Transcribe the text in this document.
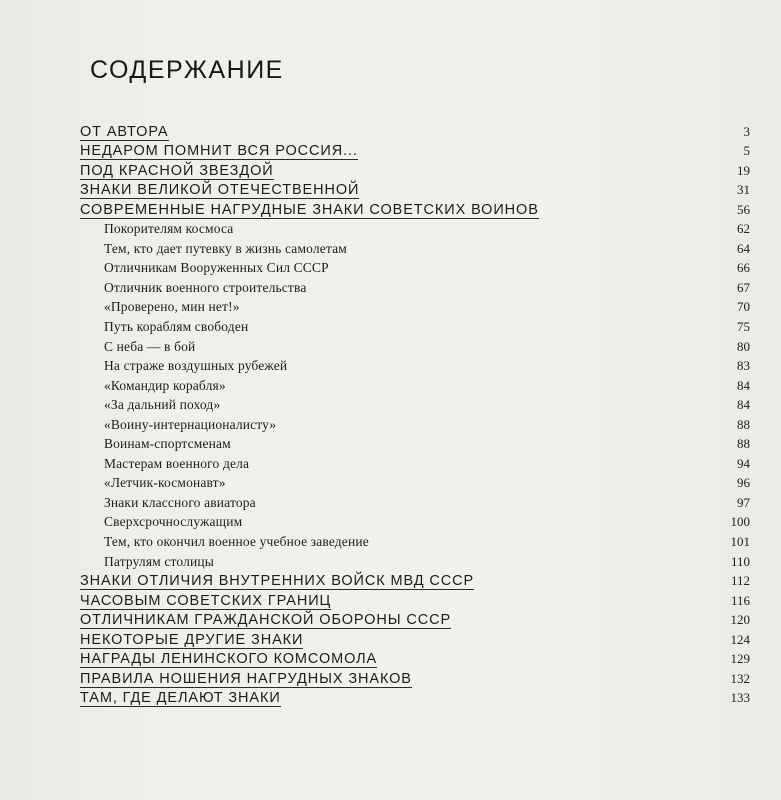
СОДЕРЖАНИЕ
ОТ АВТОРА	3
НЕДАРОМ ПОМНИТ ВСЯ РОССИЯ...	5
ПОД КРАСНОЙ ЗВЕЗДОЙ	19
ЗНАКИ ВЕЛИКОЙ ОТЕЧЕСТВЕННОЙ	31
СОВРЕМЕННЫЕ НАГРУДНЫЕ ЗНАКИ СОВЕТСКИХ ВОИНОВ	56
Покорителям космоса	62
Тем, кто дает путевку в жизнь самолетам	64
Отличникам Вооруженных Сил СССР	66
Отличник военного строительства	67
«Проверено, мин нет!»	70
Путь кораблям свободен	75
С неба — в бой	80
На страже воздушных рубежей	83
«Командир корабля»	84
«За дальний поход»	84
«Воину-интернационалисту»	88
Воинам-спортсменам	88
Мастерам военного дела	94
«Летчик-космонавт»	96
Знаки классного авиатора	97
Сверхсрочнослужащим	100
Тем, кто окончил военное учебное заведение	101
Патрулям столицы	110
ЗНАКИ ОТЛИЧИЯ ВНУТРЕННИХ ВОЙСК МВД СССР	112
ЧАСОВЫМ СОВЕТСКИХ ГРАНИЦ	116
ОТЛИЧНИКАМ ГРАЖДАНСКОЙ ОБОРОНЫ СССР	120
НЕКОТОРЫЕ ДРУГИЕ ЗНАКИ	124
НАГРАДЫ ЛЕНИНСКОГО КОМСОМОЛА	129
ПРАВИЛА НОШЕНИЯ НАГРУДНЫХ ЗНАКОВ	132
ТАМ, ГДЕ ДЕЛАЮТ ЗНАКИ	133
